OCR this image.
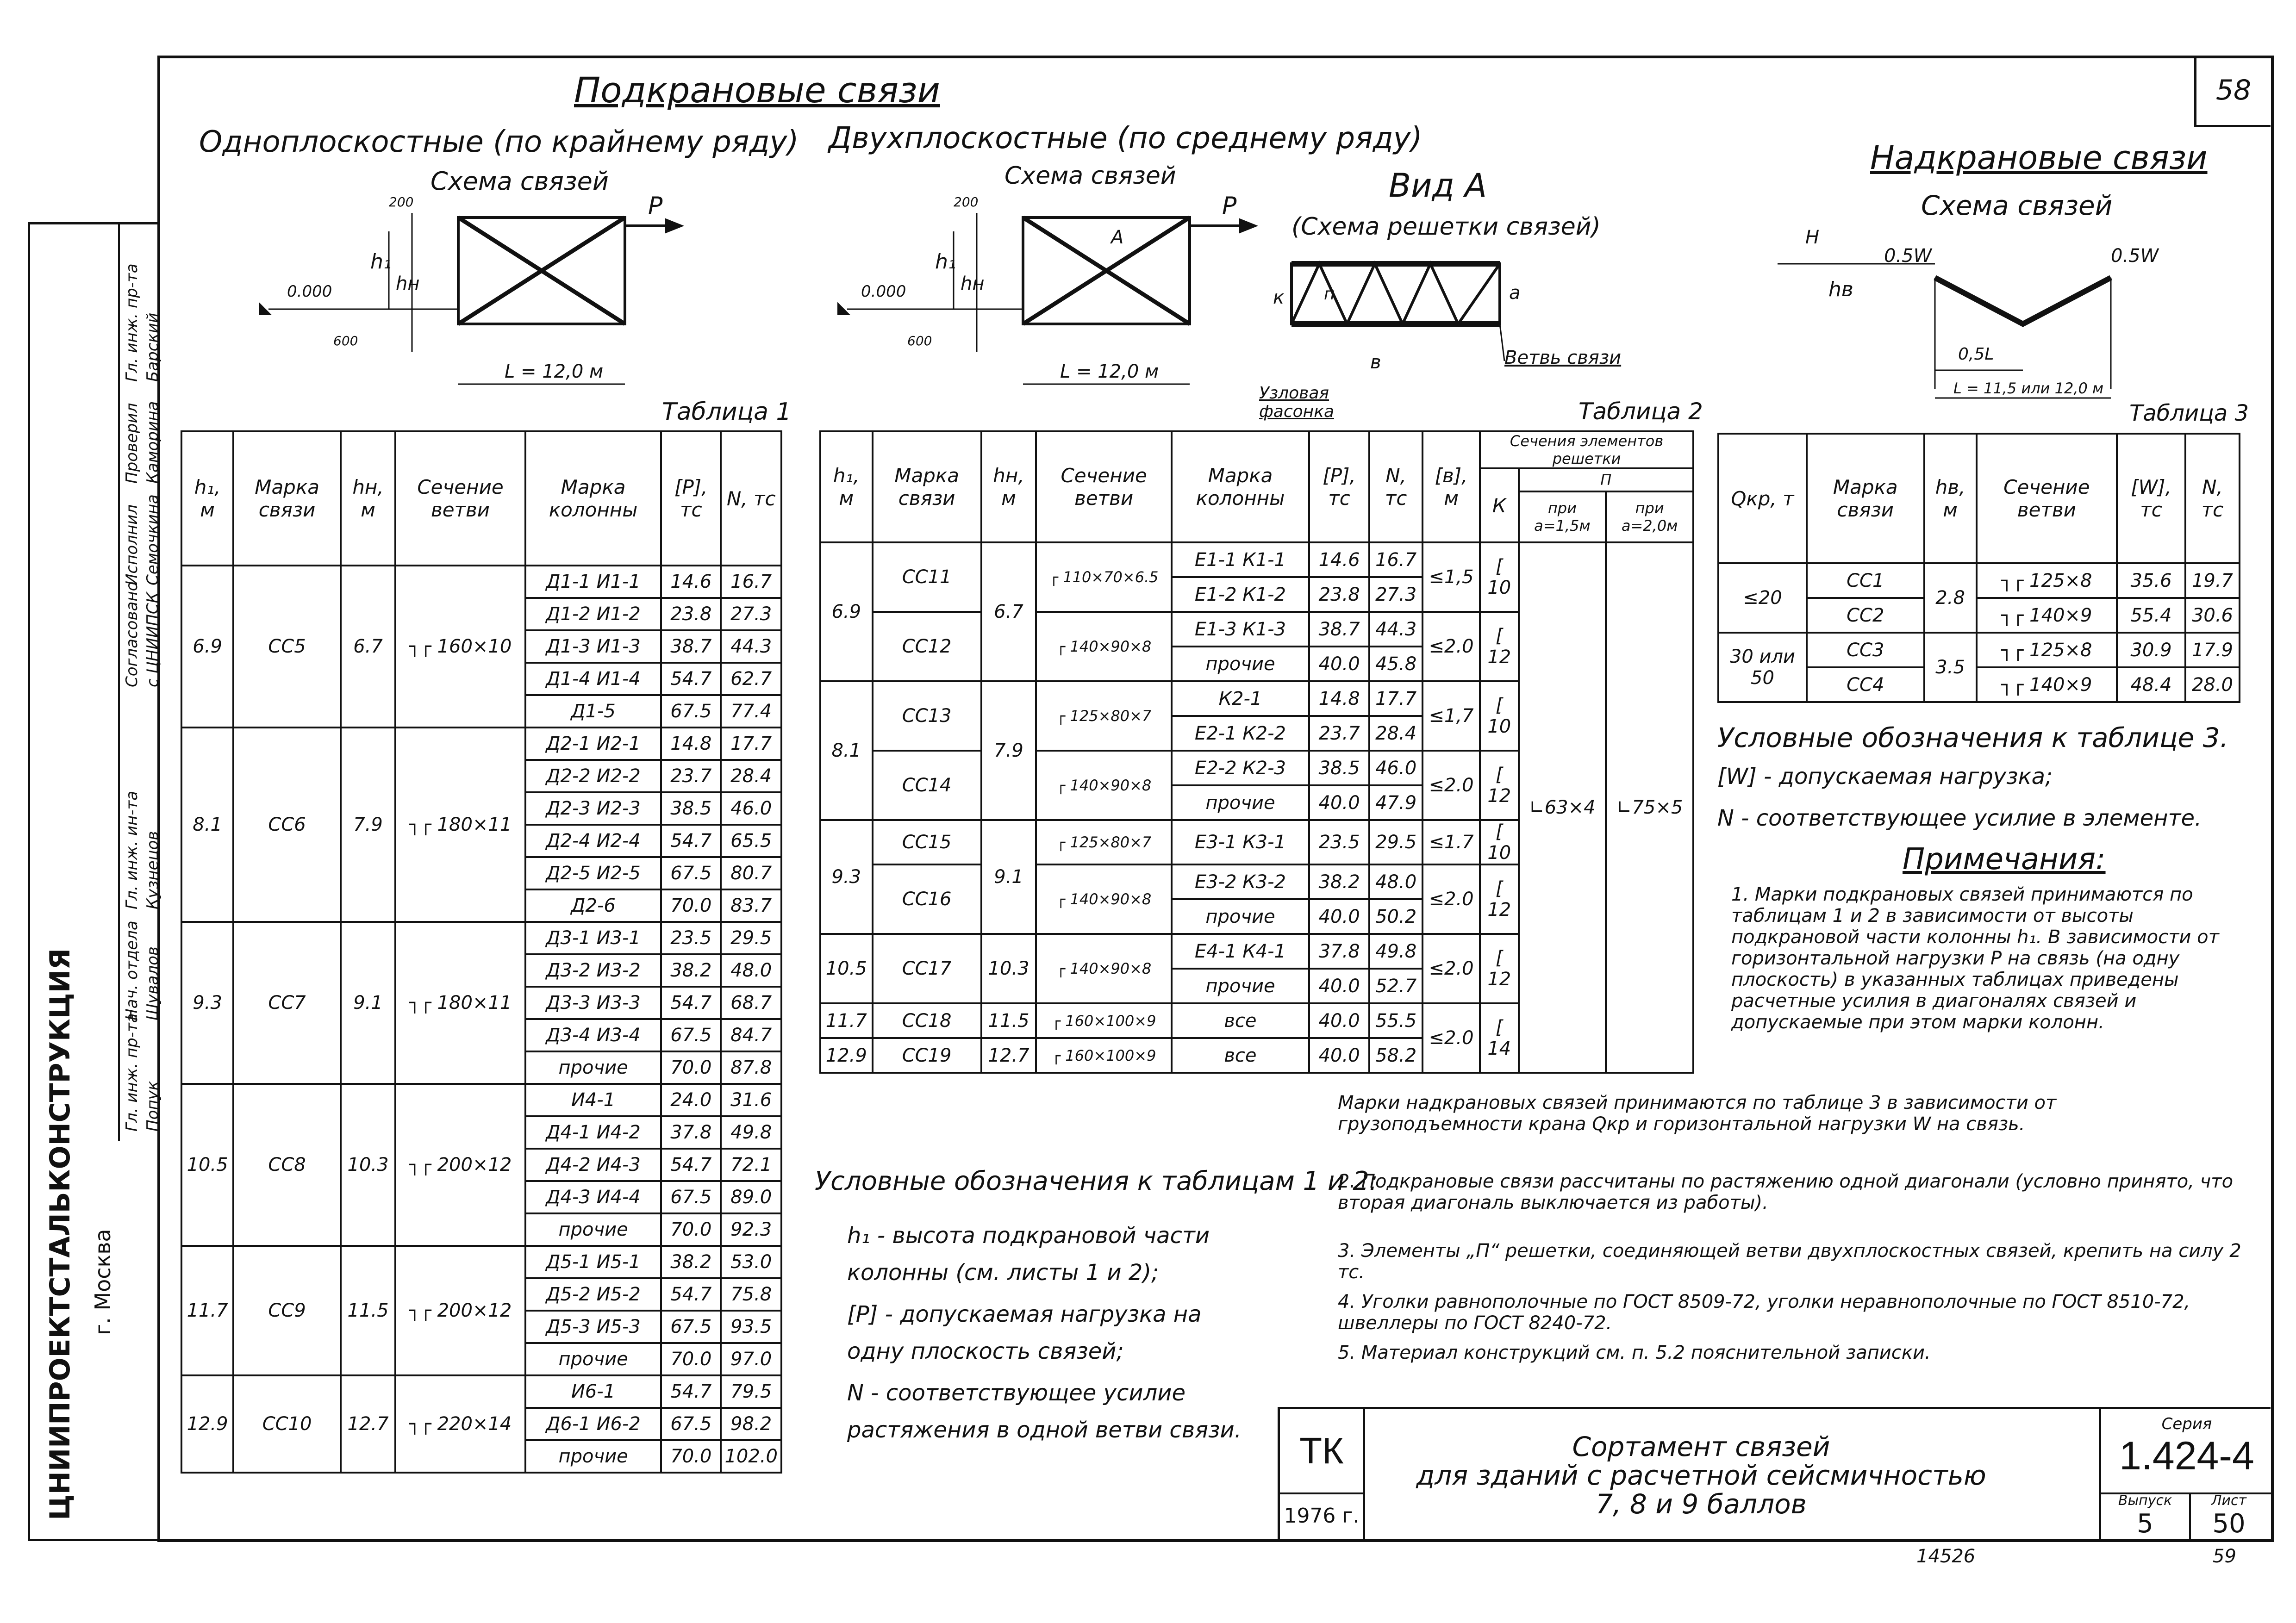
58
ЦНИИПРОЕКТСТАЛЬКОНСТРУКЦИЯ г. Москва
Гл. инж. пр-та Попук
Нач. отдела Шувалов
Гл. инж. ин-та Кузнецов
Согласовано с ЦНИИПСК
Исполнил Семочкина
Проверил Каморина
Гл. инж. пр-та Барский
Подкрановые связи
Одноплоскостные (по крайнему ряду) Двухплоскостные (по среднему ряду)
Надкрановые связи
Схема связей
Вид А
(Схема решетки связей)
Схема связей	Схема связей
0.000	0.000
P	P
L = 12,0 м	L = 12,0 м
h₁
hн
h₁
hн
200
600
200
600
A
к п	а
в	Ветвь связи
Узловая фасонка
H
hв
0.5W	0.5W
0,5L
L = 11,5 или 12,0 м
Таблица 1	Таблица 2	Таблица 3
h₁, м	Марка связи	hн, м	Сечение ветви	Марка колонны	[P], тс	N, тс
6.9	СС5	6.7	┐┌ 160×10	Д1-1 И1-1	14.6	16.7
				Д1-2 И1-2	23.8	27.3
				Д1-3 И1-3	38.7	44.3
				Д1-4 И1-4	54.7	62.7
				Д1-5	67.5	77.4
8.1	СС6	7.9	┐┌ 180×11	Д2-1 И2-1	14.8	17.7
				Д2-2 И2-2	23.7	28.4
				Д2-3 И2-3	38.5	46.0
				Д2-4 И2-4	54.7	65.5
				Д2-5 И2-5	67.5	80.7
				Д2-6	70.0	83.7
9.3	СС7	9.1	┐┌ 180×11	Д3-1 И3-1	23.5	29.5
				Д3-2 И3-2	38.2	48.0
				Д3-3 И3-3	54.7	68.7
				Д3-4 И3-4	67.5	84.7
				прочие	70.0	87.8
10.5	СС8	10.3	┐┌ 200×12	И4-1	24.0	31.6
				Д4-1 И4-2	37.8	49.8
				Д4-2 И4-3	54.7	72.1
				Д4-3 И4-4	67.5	89.0
				прочие	70.0	92.3
11.7	СС9	11.5	┐┌ 200×12	Д5-1 И5-1	38.2	53.0
				Д5-2 И5-2	54.7	75.8
				Д5-3 И5-3	67.5	93.5
				прочие	70.0	97.0
12.9	СС10	12.7	┐┌ 220×14	И6-1	54.7	79.5
				Д6-1 И6-2	67.5	98.2
				прочие	70.0	102.0
h₁, м	Марка связи	hн, м	Сечение ветви	Марка колонны	[P], тс	N, тс	[в], м	Сечения элементов решетки		
								К	П	
									при а=1,5м	при а=2,0м
6.9	СС11	6.7	┌ 110×70×6.5	Е1-1 К1-1	14.6	16.7	≤1,5	[ 10	∟63×4	∟75×5
				Е1-2 К1-2	23.8	27.3				
	СС12		┌ 140×90×8	Е1-3 К1-3	38.7	44.3	≤2.0	[ 12		
				прочие	40.0	45.8				
8.1	СС13	7.9	┌ 125×80×7	К2-1	14.8	17.7	≤1,7	[ 10		
				Е2-1 К2-2	23.7	28.4				
	СС14		┌ 140×90×8	Е2-2 К2-3	38.5	46.0	≤2.0	[ 12		
				прочие	40.0	47.9				
9.3	СС15	9.1	┌ 125×80×7	Е3-1 К3-1	23.5	29.5	≤1.7	[ 10		
	СС16		┌ 140×90×8	Е3-2 К3-2	38.2	48.0	≤2.0	[ 12		
				прочие	40.0	50.2				
10.5	СС17	10.3	┌ 140×90×8	Е4-1 К4-1	37.8	49.8	≤2.0	[ 12		
				прочие	40.0	52.7				
11.7	СС18	11.5	┌ 160×100×9	все	40.0	55.5	≤2.0	[ 14		
12.9	СС19	12.7	┌ 160×100×9	все	40.0	58.2				
Qкр, т	Марка связи	hв, м	Сечение ветви	[W], тс	N, тс
≤20	СС1	2.8	┐┌ 125×8	35.6	19.7
	СС2		┐┌ 140×9	55.4	30.6
30 или 50	СС3	3.5	┐┌ 125×8	30.9	17.9
	СС4		┐┌ 140×9	48.4	28.0
Условные обозначения к таблице 3.
[W] - допускаемая нагрузка;
N - соответствующее усилие в элементе.
Примечания:
1. Марки подкрановых связей принимаются по таблицам 1 и 2 в зависимости от высоты подкрановой части колонны h₁. В зависимости от горизонтальной нагрузки P на связь (на одну плоскость) в указанных таблицах приведены расчетные усилия в диагоналях связей и допускаемые при этом марки колонн.
Марки надкрановых связей принимаются по таблице 3 в зависимости от грузоподъемности крана Qкр и горизонтальной нагрузки W на связь.
2. Подкрановые связи рассчитаны по растяжению одной диагонали (условно принято, что вторая диагональ выключается из работы).
3. Элементы „П“ решетки, соединяющей ветви двухплоскостных связей, крепить на силу 2 тс.
4. Уголки равнополочные по ГОСТ 8509-72, уголки неравнополочные по ГОСТ 8510-72, швеллеры по ГОСТ 8240-72.
5. Материал конструкций см. п. 5.2 пояснительной записки.
Условные обозначения к таблицам 1 и 2:
h₁ - высота подкрановой части колонны (см. листы 1 и 2);
[P] - допускаемая нагрузка на одну плоскость связей;
N - соответствующее усилие растяжения в одной ветви связи.	ТК
1976 г.
Сортамент связей
для зданий с расчетной сейсмичностью
7, 8 и 9 баллов
Серия
1.424-4
Выпуск
5
Лист
50
14526	59
